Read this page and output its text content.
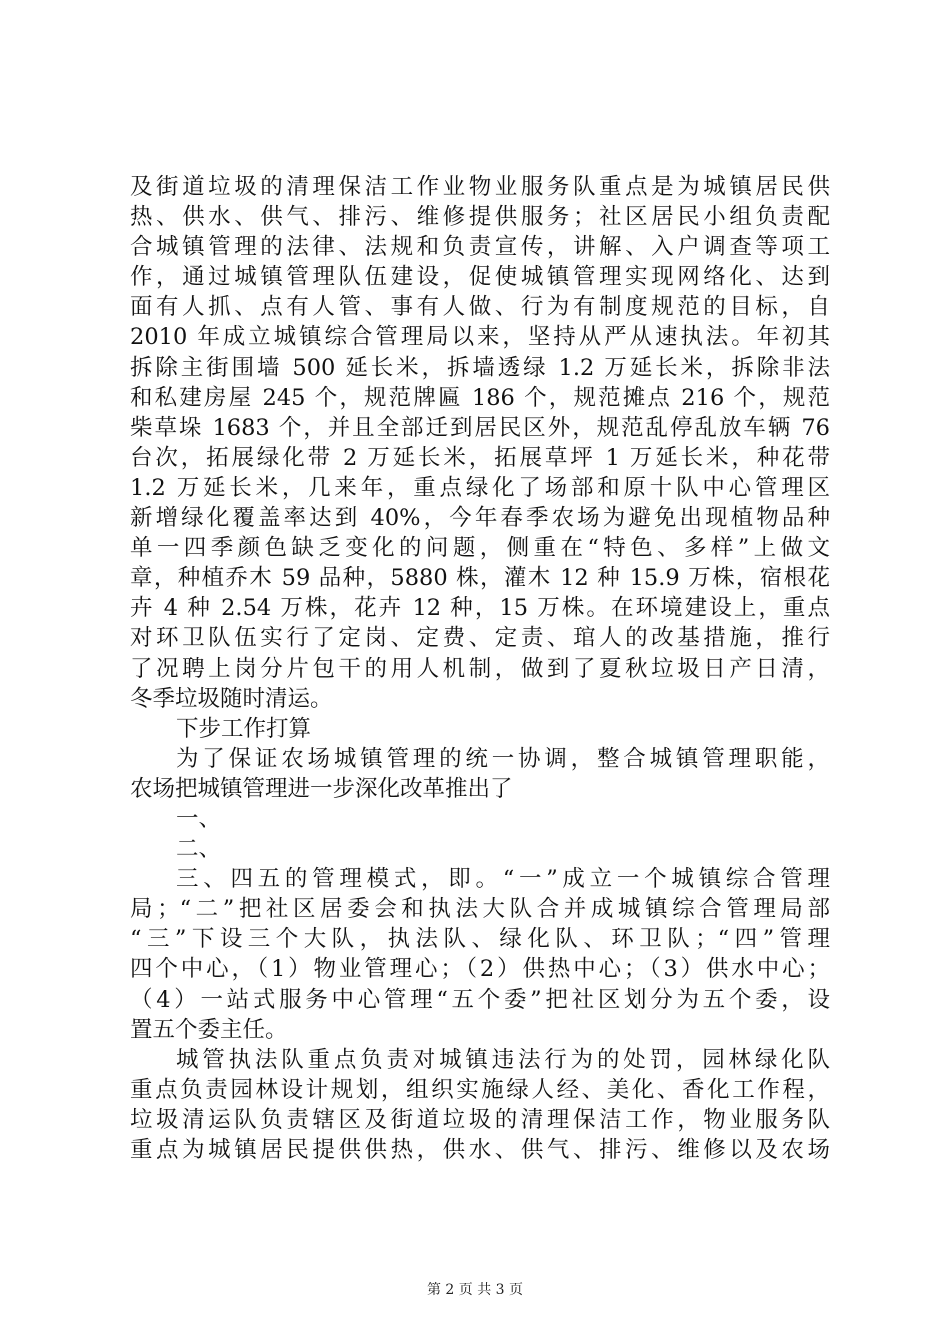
及街道垃圾的清理保洁工作业物业服务队重点是为城镇居民供
热、供水、供气、排污、维修提供服务；社区居民小组负责配
合城镇管理的法律、法规和负责宣传，讲解、入户调查等项工
作，通过城镇管理队伍建设，促使城镇管理实现网络化、达到
面有人抓、点有人管、事有人做、行为有制度规范的目标，自
2010 年成立城镇综合管理局以来，坚持从严从速执法。年初其
拆除主街围墙 500 延长米，拆墙透绿 1.2 万延长米，拆除非法
和私建房屋 245 个，规范牌匾 186 个，规范摊点 216 个，规范
柴草垛 1683 个，并且全部迁到居民区外，规范乱停乱放车辆 76
台次，拓展绿化带 2 万延长米，拓展草坪 1 万延长米，种花带
1.2 万延长米，几来年，重点绿化了场部和原十队中心管理区
新增绿化覆盖率达到 40%，今年春季农场为避免出现植物品种
单一四季颜色缺乏变化的问题，侧重在“特色、多样”上做文
章，种植乔木 59 品种，5880 株，灌木 12 种 15.9 万株，宿根花
卉 4 种 2.54 万株，花卉 12 种，15 万株。在环境建设上，重点
对环卫队伍实行了定岗、定费、定责、琯人的改基措施，推行
了况聘上岗分片包干的用人机制，做到了夏秋垃圾日产日清，
冬季垃圾随时清运。
下步工作打算
为了保证农场城镇管理的统一协调，整合城镇管理职能，
农场把城镇管理进一步深化改革推出了
一、
二、
三、四五的管理模式，即。“一”成立一个城镇综合管理
局；“二”把社区居委会和执法大队合并成城镇综合管理局部
“三”下设三个大队，执法队、绿化队、环卫队；“四”管理
四个中心，（1）物业管理心；（2）供热中心；（3）供水中心；
（4）一站式服务中心管理“五个委”把社区划分为五个委，设
置五个委主任。
城管执法队重点负责对城镇违法行为的处罚，园林绿化队
重点负责园林设计规划，组织实施绿人经、美化、香化工作程，
垃圾清运队负责辖区及街道垃圾的清理保洁工作，物业服务队
重点为城镇居民提供供热，供水、供气、排污、维修以及农场
第 2 页 共 3 页
